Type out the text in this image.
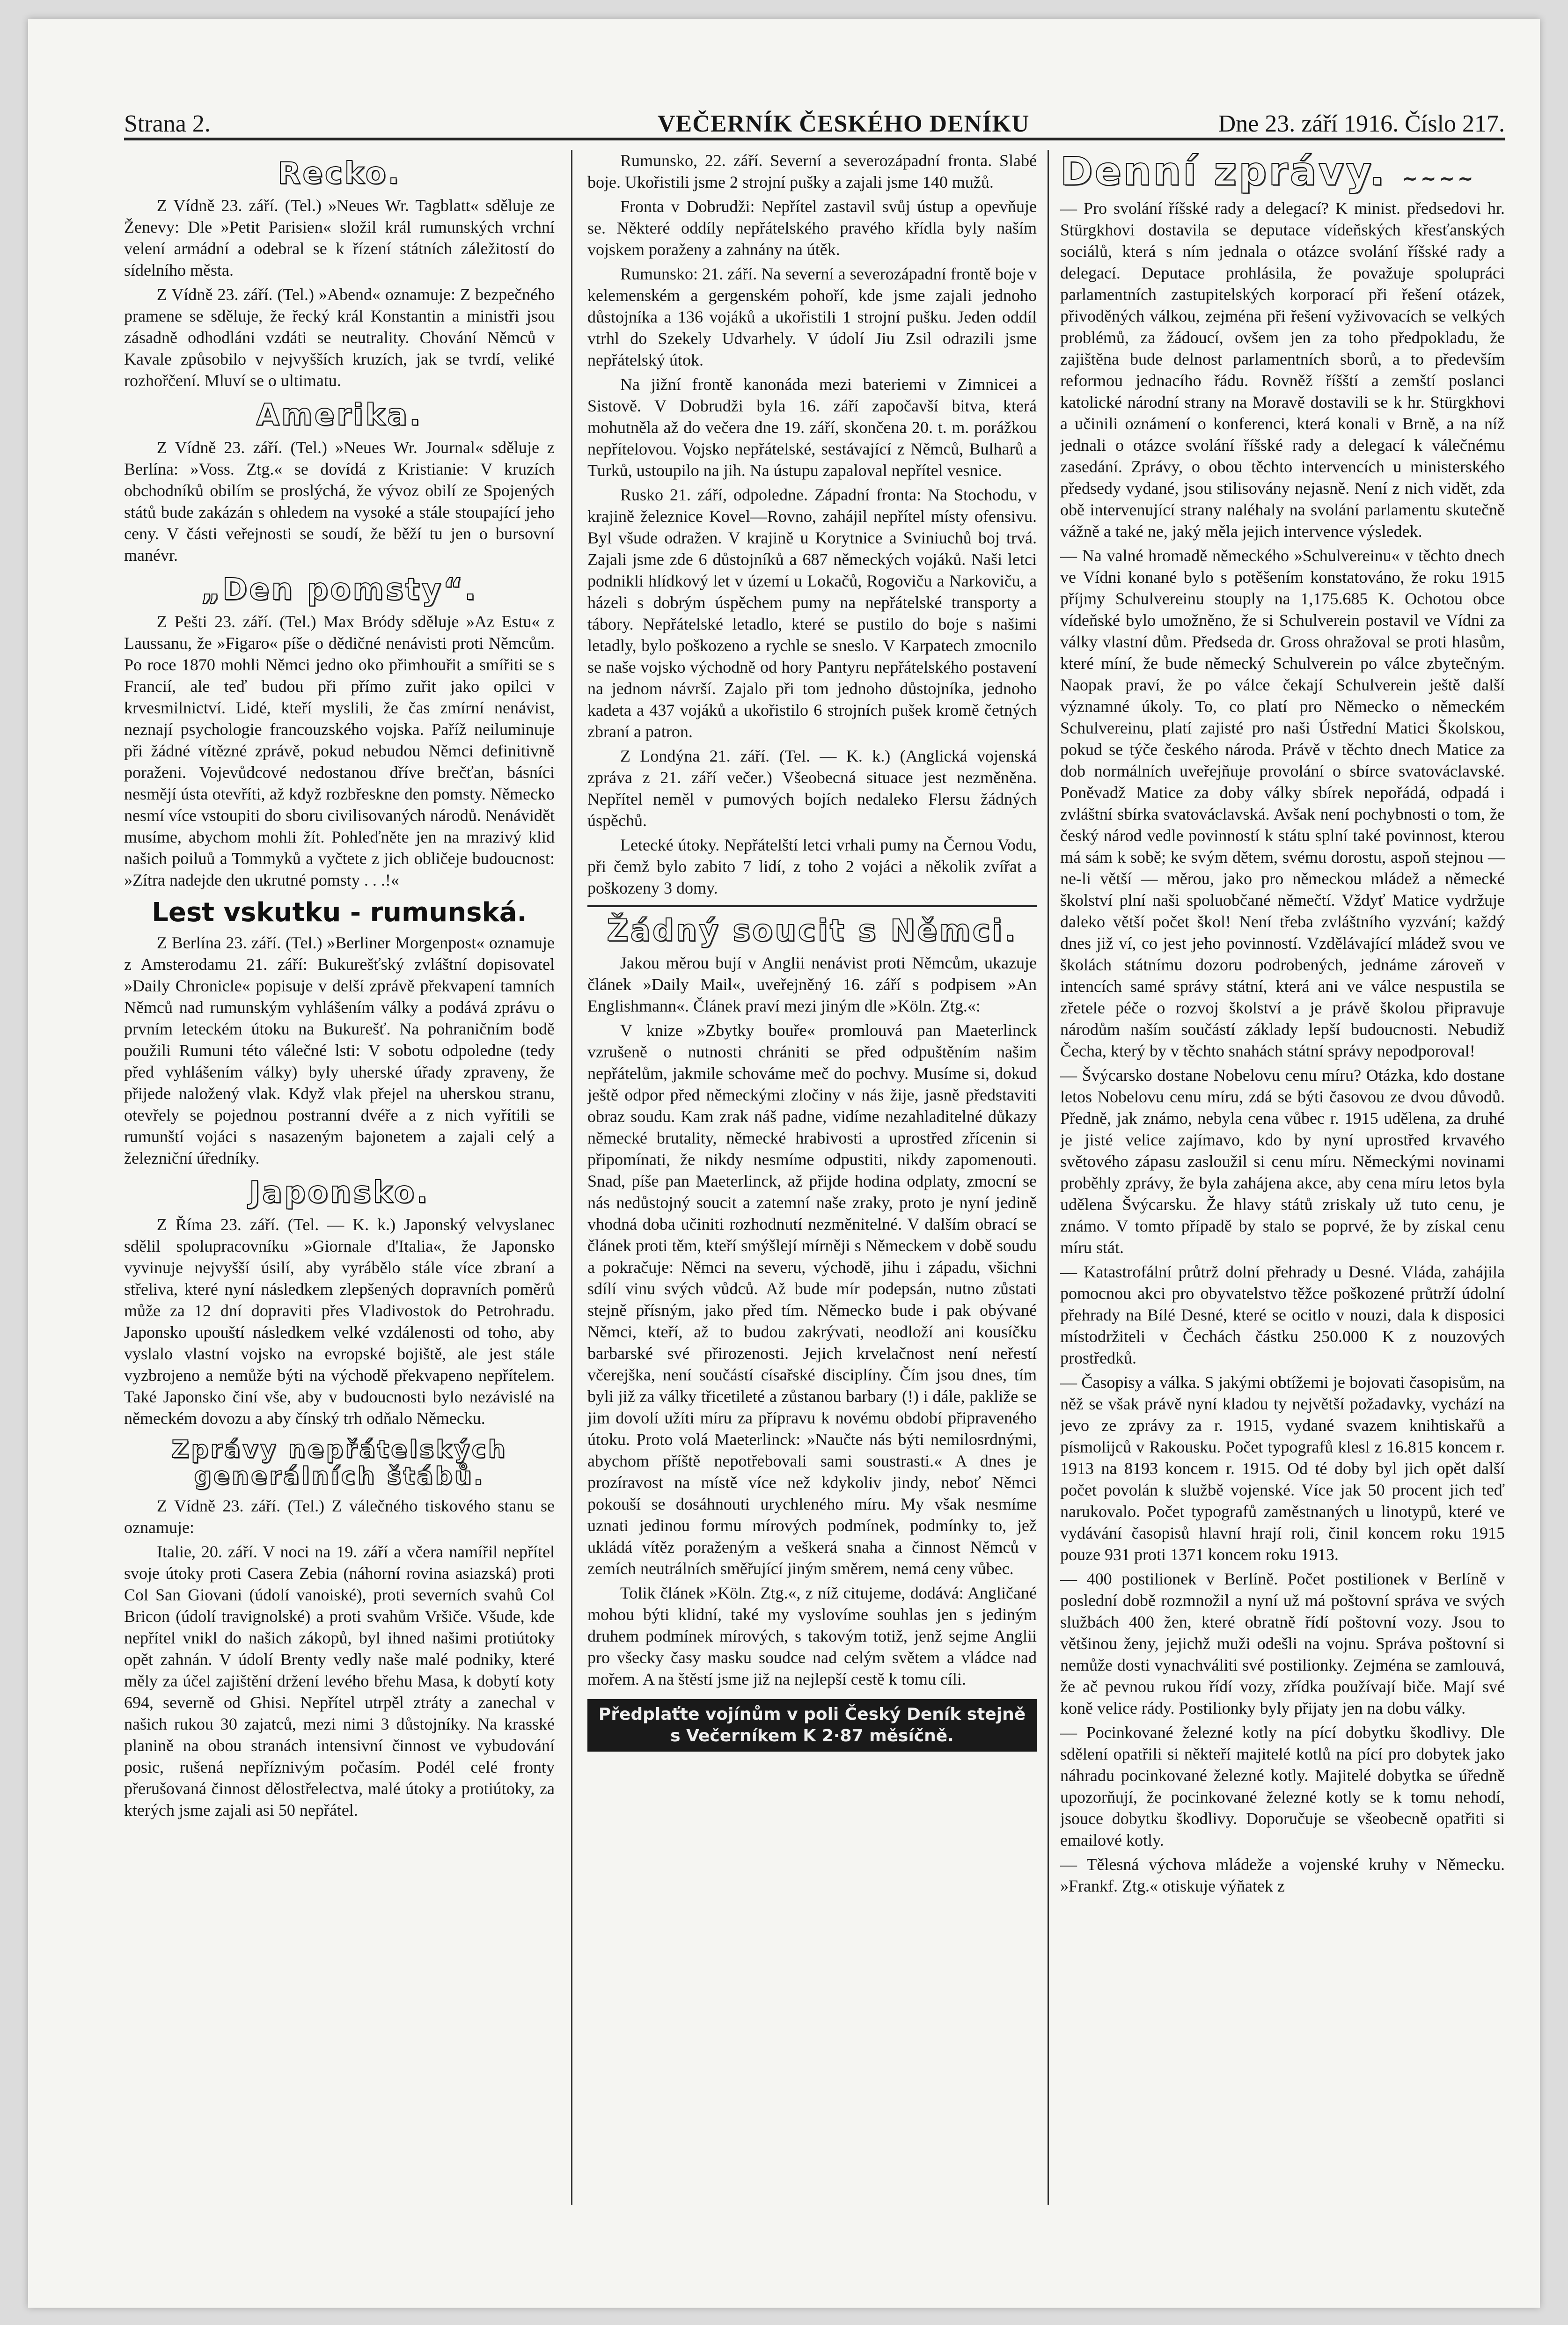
Strana 2.	VEČERNÍK ČESKÉHO DENÍKU	Dne 23. září 1916. Číslo 217.
Recko.

Z Vídně 23. září. (Tel.) »Neues Wr. Tagblatt« sděluje ze Ženevy: Dle »Petit Parisien« složil král rumunských vrchní velení armádní a odebral se k řízení státních záležitostí do sídelního města.

Z Vídně 23. září. (Tel.) »Abend« oznamuje: Z bezpečného pramene se sděluje, že řecký král Konstantin a ministři jsou zásadně odhodláni vzdáti se neutrality. Chování Němců v Kavale způsobilo v nejvyšších kruzích, jak se tvrdí, veliké rozhořčení. Mluví se o ultimatu.

Amerika.

Z Vídně 23. září. (Tel.) »Neues Wr. Journal« sděluje z Berlína: »Voss. Ztg.« se dovídá z Kristianie: V kruzích obchodníků obilím se proslýchá, že vývoz obilí ze Spojených států bude zakázán s ohledem na vysoké a stále stoupající jeho ceny. V části veřejnosti se soudí, že běží tu jen o bursovní manévr.

„Den pomsty“.

Z Pešti 23. září. (Tel.) Max Bródy sděluje »Az Estu« z Laussanu, že »Figaro« píše o dědičné nenávisti proti Němcům. Po roce 1870 mohli Němci jedno oko přimhouřit a smířiti se s Francií, ale teď budou při přímo zuřit jako opilci v krvesmilnictví. Lidé, kteří myslili, že čas zmírní nenávist, neznají psychologie francouzského vojska. Paříž neiluminuje při žádné vítězné zprávě, pokud nebudou Němci definitivně poraženi. Vojevůdcové nedostanou dříve brečťan, básníci nesmějí ústa otevříti, až když rozbřeskne den pomsty. Německo nesmí více vstoupiti do sboru civilisovaných národů. Nenávidět musíme, abychom mohli žít. Pohleďněte jen na mrazivý klid našich poiluů a Tommyků a vyčtete z jich obličeje budoucnost: »Zítra nadejde den ukrutné pomsty . . .!«

Lest vskutku - rumunská.

Z Berlína 23. září. (Tel.) »Berliner Morgenpost« oznamuje z Amsterodamu 21. září: Bukurešťský zvláštní dopisovatel »Daily Chronicle« popisuje v delší zprávě překvapení tamních Němců nad rumunským vyhlášením války a podává zprávu o prvním leteckém útoku na Bukurešť. Na pohraničním bodě použili Rumuni této válečné lsti: V sobotu odpoledne (tedy před vyhlášením války) byly uherské úřady zpraveny, že přijede naložený vlak. Když vlak přejel na uherskou stranu, otevřely se pojednou postranní dvéře a z nich vyřítili se rumunští vojáci s nasazeným bajonetem a zajali celý a železniční úředníky.

Japonsko.

Z Říma 23. září. (Tel. — K. k.) Japonský velvyslanec sdělil spolupracovníku »Giornale d'Italia«, že Japonsko vyvinuje nejvyšší úsilí, aby vyrábělo stále více zbraní a střeliva, které nyní následkem zlepšených dopravních poměrů může za 12 dní dopraviti přes Vladivostok do Petrohradu. Japonsko upouští následkem velké vzdálenosti od toho, aby vyslalo vlastní vojsko na evropské bojiště, ale jest stále vyzbrojeno a nemůže býti na východě překvapeno nepřítelem. Také Japonsko činí vše, aby v budoucnosti bylo nezávislé na německém dovozu a aby čínský trh odňalo Německu.

Zprávy nepřátelských
generálních štábů.

Z Vídně 23. září. (Tel.) Z válečného tiskového stanu se oznamuje:

Italie, 20. září. V noci na 19. září a včera namířil nepřítel svoje útoky proti Casera Zebia (náhorní rovina asiazská) proti Col San Giovani (údolí vanoiské), proti severních svahů Col Bricon (údolí travignolské) a proti svahům Vršiče. Všude, kde nepřítel vnikl do našich zákopů, byl ihned našimi protiútoky opět zahnán. V údolí Brenty vedly naše malé podniky, které měly za účel zajištění držení levého břehu Masa, k dobytí koty 694, severně od Ghisi. Nepřítel utrpěl ztráty a zanechal v našich rukou 30 zajatců, mezi nimi 3 důstojníky. Na krasské planině na obou stranách intensivní činnost ve vybudování posic, rušená nepříznivým počasím. Podél celé fronty přerušovaná činnost dělostřelectva, malé útoky a protiútoky, za kterých jsme zajali asi 50 nepřátel.

Rumunsko, 22. září. Severní a severozápadní fronta. Slabé boje. Ukořistili jsme 2 strojní pušky a zajali jsme 140 mužů.

Fronta v Dobrudži: Nepřítel zastavil svůj ústup a opevňuje se. Některé oddíly nepřátelského pravého křídla byly naším vojskem poraženy a zahnány na útěk.

Rumunsko: 21. září. Na severní a severozápadní frontě boje v kelemenském a gergenském pohoří, kde jsme zajali jednoho důstojníka a 136 vojáků a ukořistili 1 strojní pušku. Jeden oddíl vtrhl do Szekely Udvarhely. V údolí Jiu Zsil odrazili jsme nepřátelský útok.

Na jižní frontě kanonáda mezi bateriemi v Zimnicei a Sistově. V Dobrudži byla 16. září započavší bitva, která mohutněla až do večera dne 19. září, skončena 20. t. m. porážkou nepřítelovou. Vojsko nepřátelské, sestávající z Němců, Bulharů a Turků, ustoupilo na jih. Na ústupu zapaloval nepřítel vesnice.

Rusko 21. září, odpoledne. Západní fronta: Na Stochodu, v krajině železnice Kovel—Rovno, zahájil nepřítel místy ofensivu. Byl všude odražen. V krajině u Korytnice a Sviniuchů boj trvá. Zajali jsme zde 6 důstojníků a 687 německých vojáků. Naši letci podnikli hlídkový let v území u Lokačů, Rogoviču a Narkoviču, a házeli s dobrým úspěchem pumy na nepřátelské transporty a tábory. Nepřátelské letadlo, které se pustilo do boje s našimi letadly, bylo poškozeno a rychle se sneslo. V Karpatech zmocnilo se naše vojsko východně od hory Pantyru nepřátelského postavení na jednom návrší. Zajalo při tom jednoho důstojníka, jednoho kadeta a 437 vojáků a ukořistilo 6 strojních pušek kromě četných zbraní a patron.

Z Londýna 21. září. (Tel. — K. k.) (Anglická vojenská zpráva z 21. září večer.) Všeobecná situace jest nezměněna. Nepřítel neměl v pumových bojích nedaleko Flersu žádných úspěchů.

Letecké útoky. Nepřátelští letci vrhali pumy na Černou Vodu, při čemž bylo zabito 7 lidí, z toho 2 vojáci a několik zvířat a poškozeny 3 domy.

Žádný soucit s Němci.

Jakou měrou bují v Anglii nenávist proti Němcům, ukazuje článek »Daily Mail«, uveřejněný 16. září s podpisem »An Englishmann«. Článek praví mezi jiným dle »Köln. Ztg.«:

V knize »Zbytky bouře« promlouvá pan Maeterlinck vzrušeně o nutnosti chrániti se před odpuštěním našim nepřátelům, jakmile schováme meč do pochvy. Musíme si, dokud ještě odpor před německými zločiny v nás žije, jasně představiti obraz soudu. Kam zrak náš padne, vidíme nezahladitelné důkazy německé brutality, německé hrabivosti a uprostřed zřícenin si připomínati, že nikdy nesmíme odpustiti, nikdy zapomenouti. Snad, píše pan Maeterlinck, až přijde hodina odplaty, zmocní se nás nedůstojný soucit a zatemní naše zraky, proto je nyní jedině vhodná doba učiniti rozhodnutí nezměnitelné. V dalším obrací se článek proti těm, kteří smýšlejí mírněji s Německem v době soudu a pokračuje: Němci na severu, východě, jihu i západu, všichni sdílí vinu svých vůdců. Až bude mír podepsán, nutno zůstati stejně přísným, jako před tím. Německo bude i pak obývané Němci, kteří, až to budou zakrývati, neodloží ani kousíčku barbarské své přirozenosti. Jejich krvelačnost není neřestí včerejška, není součástí císařské disciplíny. Čím jsou dnes, tím byli již za války třicetileté a zůstanou barbary (!) i dále, pakliže se jim dovolí užíti míru za přípravu k novému období připraveného útoku. Proto volá Maeterlinck: »Naučte nás býti nemilosrdnými, abychom příště nepotřebovali sami soustrasti.« A dnes je prozíravost na místě více než kdykoliv jindy, neboť Němci pokouší se dosáhnouti urychleného míru. My však nesmíme uznati jedinou formu mírových podmínek, podmínky to, jež ukládá vítěz poraženým a veškerá snaha a činnost Němců v zemích neutrálních směřující jiným směrem, nemá ceny vůbec.

Tolik článek »Köln. Ztg.«, z níž citujeme, dodává: Angličané mohou býti klidní, také my vyslovíme souhlas jen s jediným druhem podmínek mírových, s takovým totiž, jenž sejme Anglii pro všecky časy masku soudce nad celým světem a vládce nad mořem. A na štěstí jsme již na nejlepší cestě k tomu cíli.

Předplaťte vojínům v poli Český Deník stejně s Večerníkem K 2·87 měsíčně.
Denní zprávy. ~~~~

— Pro svolání říšské rady a delegací? K minist. předsedovi hr. Stürgkhovi dostavila se deputace vídeňských křesťanských sociálů, která s ním jednala o otázce svolání říšské rady a delegací. Deputace prohlásila, že považuje spolupráci parlamentních zastupitelských korporací při řešení otázek, přivoděných válkou, zejména při řešení vyživovacích se velkých problémů, za žádoucí, ovšem jen za toho předpokladu, že zajištěna bude delnost parlamentních sborů, a to především reformou jednacího řádu. Rovněž říšští a zemští poslanci katolické národní strany na Moravě dostavili se k hr. Stürgkhovi a učinili oznámení o konferenci, která konali v Brně, a na níž jednali o otázce svolání říšské rady a delegací k válečnému zasedání. Zprávy, o obou těchto intervencích u ministerského předsedy vydané, jsou stilisovány nejasně. Není z nich vidět, zda obě intervenující strany naléhaly na svolání parlamentu skutečně vážně a také ne, jaký měla jejich intervence výsledek.

— Na valné hromadě německého »Schulvereinu« v těchto dnech ve Vídni konané bylo s potěšením konstatováno, že roku 1915 příjmy Schulvereinu stouply na 1,175.685 K. Ochotou obce vídeňské bylo umožněno, že si Schulverein postavil ve Vídni za války vlastní dům. Předseda dr. Gross ohražoval se proti hlasům, které míní, že bude německý Schulverein po válce zbytečným. Naopak praví, že po válce čekají Schulverein ještě další významné úkoly. To, co platí pro Německo o německém Schulvereinu, platí zajisté pro naši Ústřední Matici Školskou, pokud se týče českého národa. Právě v těchto dnech Matice za dob normálních uveřejňuje provolání o sbírce svatováclavské. Poněvadž Matice za doby války sbírek nepořádá, odpadá i zvláštní sbírka svatováclavská. Avšak není pochybnosti o tom, že český národ vedle povinností k státu splní také povinnost, kterou má sám k sobě; ke svým dětem, svému dorostu, aspoň stejnou — ne-li větší — měrou, jako pro německou mládež a německé školství plní naši spoluobčané němečtí. Vždyť Matice vydržuje daleko větší počet škol! Není třeba zvláštního vyzvání; každý dnes již ví, co jest jeho povinností. Vzdělávající mládež svou ve školách státnímu dozoru podrobených, jednáme zároveň v intencích samé správy státní, která ani ve válce nespustila se zřetele péče o rozvoj školství a je právě školou připravuje národům naším součástí základy lepší budoucnosti. Nebudiž Čecha, který by v těchto snahách státní správy nepodporoval!

— Švýcarsko dostane Nobelovu cenu míru? Otázka, kdo dostane letos Nobelovu cenu míru, zdá se býti časovou ze dvou důvodů. Předně, jak známo, nebyla cena vůbec r. 1915 udělena, za druhé je jisté velice zajímavo, kdo by nyní uprostřed krvavého světového zápasu zasloužil si cenu míru. Německými novinami proběhly zprávy, že byla zahájena akce, aby cena míru letos byla udělena Švýcarsku. Že hlavy států zriskaly už tuto cenu, je známo. V tomto případě by stalo se poprvé, že by získal cenu míru stát.

— Katastrofální průtrž dolní přehrady u Desné. Vláda, zahájila pomocnou akci pro obyvatelstvo těžce poškozené průtrží údolní přehrady na Bílé Desné, které se ocitlo v nouzi, dala k disposici místodržiteli v Čechách částku 250.000 K z nouzových prostředků.

— Časopisy a válka. S jakými obtížemi je bojovati časopisům, na něž se však právě nyní kladou ty největší požadavky, vychází na jevo ze zprávy za r. 1915, vydané svazem knihtiskařů a písmolijců v Rakousku. Počet typografů klesl z 16.815 koncem r. 1913 na 8193 koncem r. 1915. Od té doby byl jich opět další počet povolán k službě vojenské. Více jak 50 procent jich teď narukovalo. Počet typografů zaměstnaných u linotypů, které ve vydávání časopisů hlavní hrají roli, činil koncem roku 1915 pouze 931 proti 1371 koncem roku 1913.

— 400 postilionek v Berlíně. Počet postilionek v Berlíně v poslední době rozmnožil a nyní už má poštovní správa ve svých službách 400 žen, které obratně řídí poštovní vozy. Jsou to většinou ženy, jejichž muži odešli na vojnu. Správa poštovní si nemůže dosti vynachváliti své postilionky. Zejména se zamlouvá, že ač pevnou rukou řídí vozy, zřídka používají biče. Mají své koně velice rády. Postilionky byly přijaty jen na dobu války.

— Pocinkované železné kotly na pící dobytku škodlivy. Dle sdělení opatřili si někteří majitelé kotlů na pící pro dobytek jako náhradu pocinkované železné kotly. Majitelé dobytka se úředně upozorňují, že pocinkované železné kotly se k tomu nehodí, jsouce dobytku škodlivy. Doporučuje se všeobecně opatřiti si emailové kotly.

— Tělesná výchova mládeže a vojenské kruhy v Německu. »Frankf. Ztg.« otiskuje výňatek z
